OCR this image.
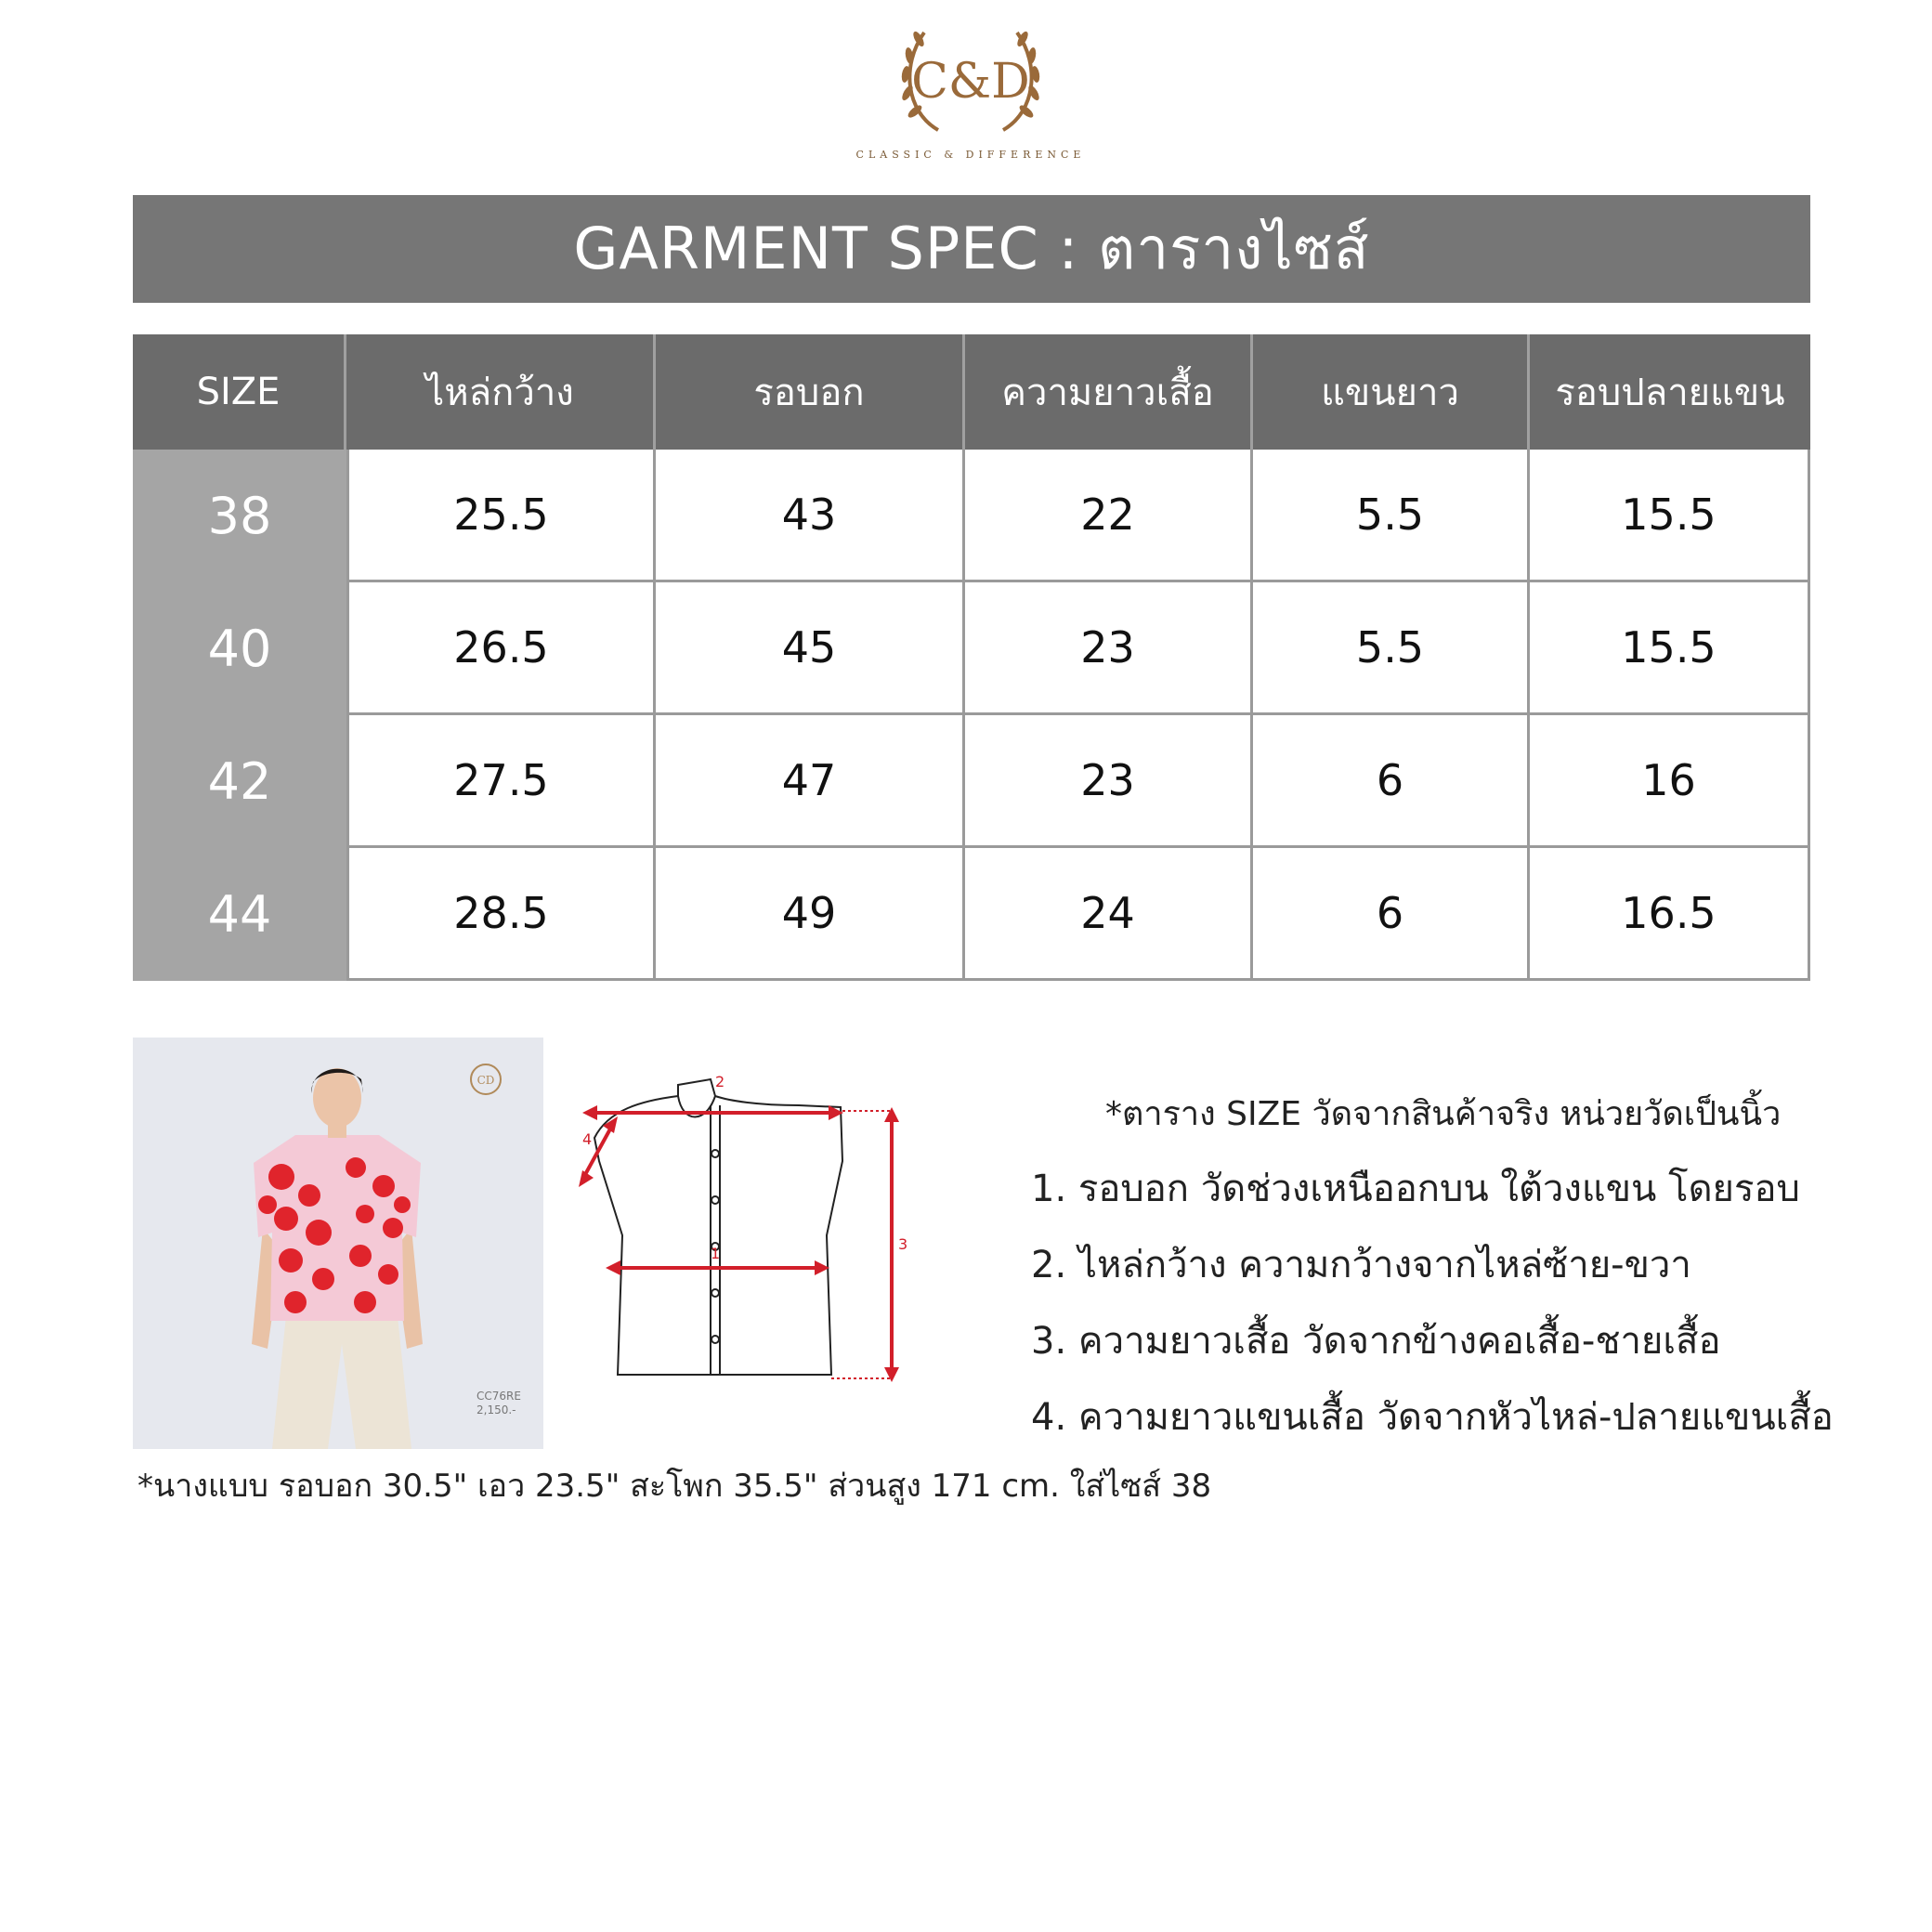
C&D
CLASSIC & DIFFERENCE
GARMENT SPEC : ตารางไซส์
SIZE	ไหล่กว้าง	รอบอก	ความยาวเสื้อ	แขนยาว	รอบปลายแขน
38	25.5	43	22	5.5	15.5
40	26.5	45	23	5.5	15.5
42	27.5	47	23	6	16
44	28.5	49	24	6	16.5
CD
CC76RE
2,150.-
1
2
3
4
*ตาราง SIZE วัดจากสินค้าจริง หน่วยวัดเป็นนิ้ว
1. รอบอก วัดช่วงเหนืออกบน ใต้วงแขน โดยรอบ
2. ไหล่กว้าง ความกว้างจากไหล่ซ้าย-ขวา
3. ความยาวเสื้อ วัดจากข้างคอเสื้อ-ชายเสื้อ
4. ความยาวแขนเสื้อ วัดจากหัวไหล่-ปลายแขนเสื้อ
*นางแบบ รอบอก 30.5" เอว 23.5" สะโพก 35.5" ส่วนสูง 171 cm. ใส่ไซส์ 38
